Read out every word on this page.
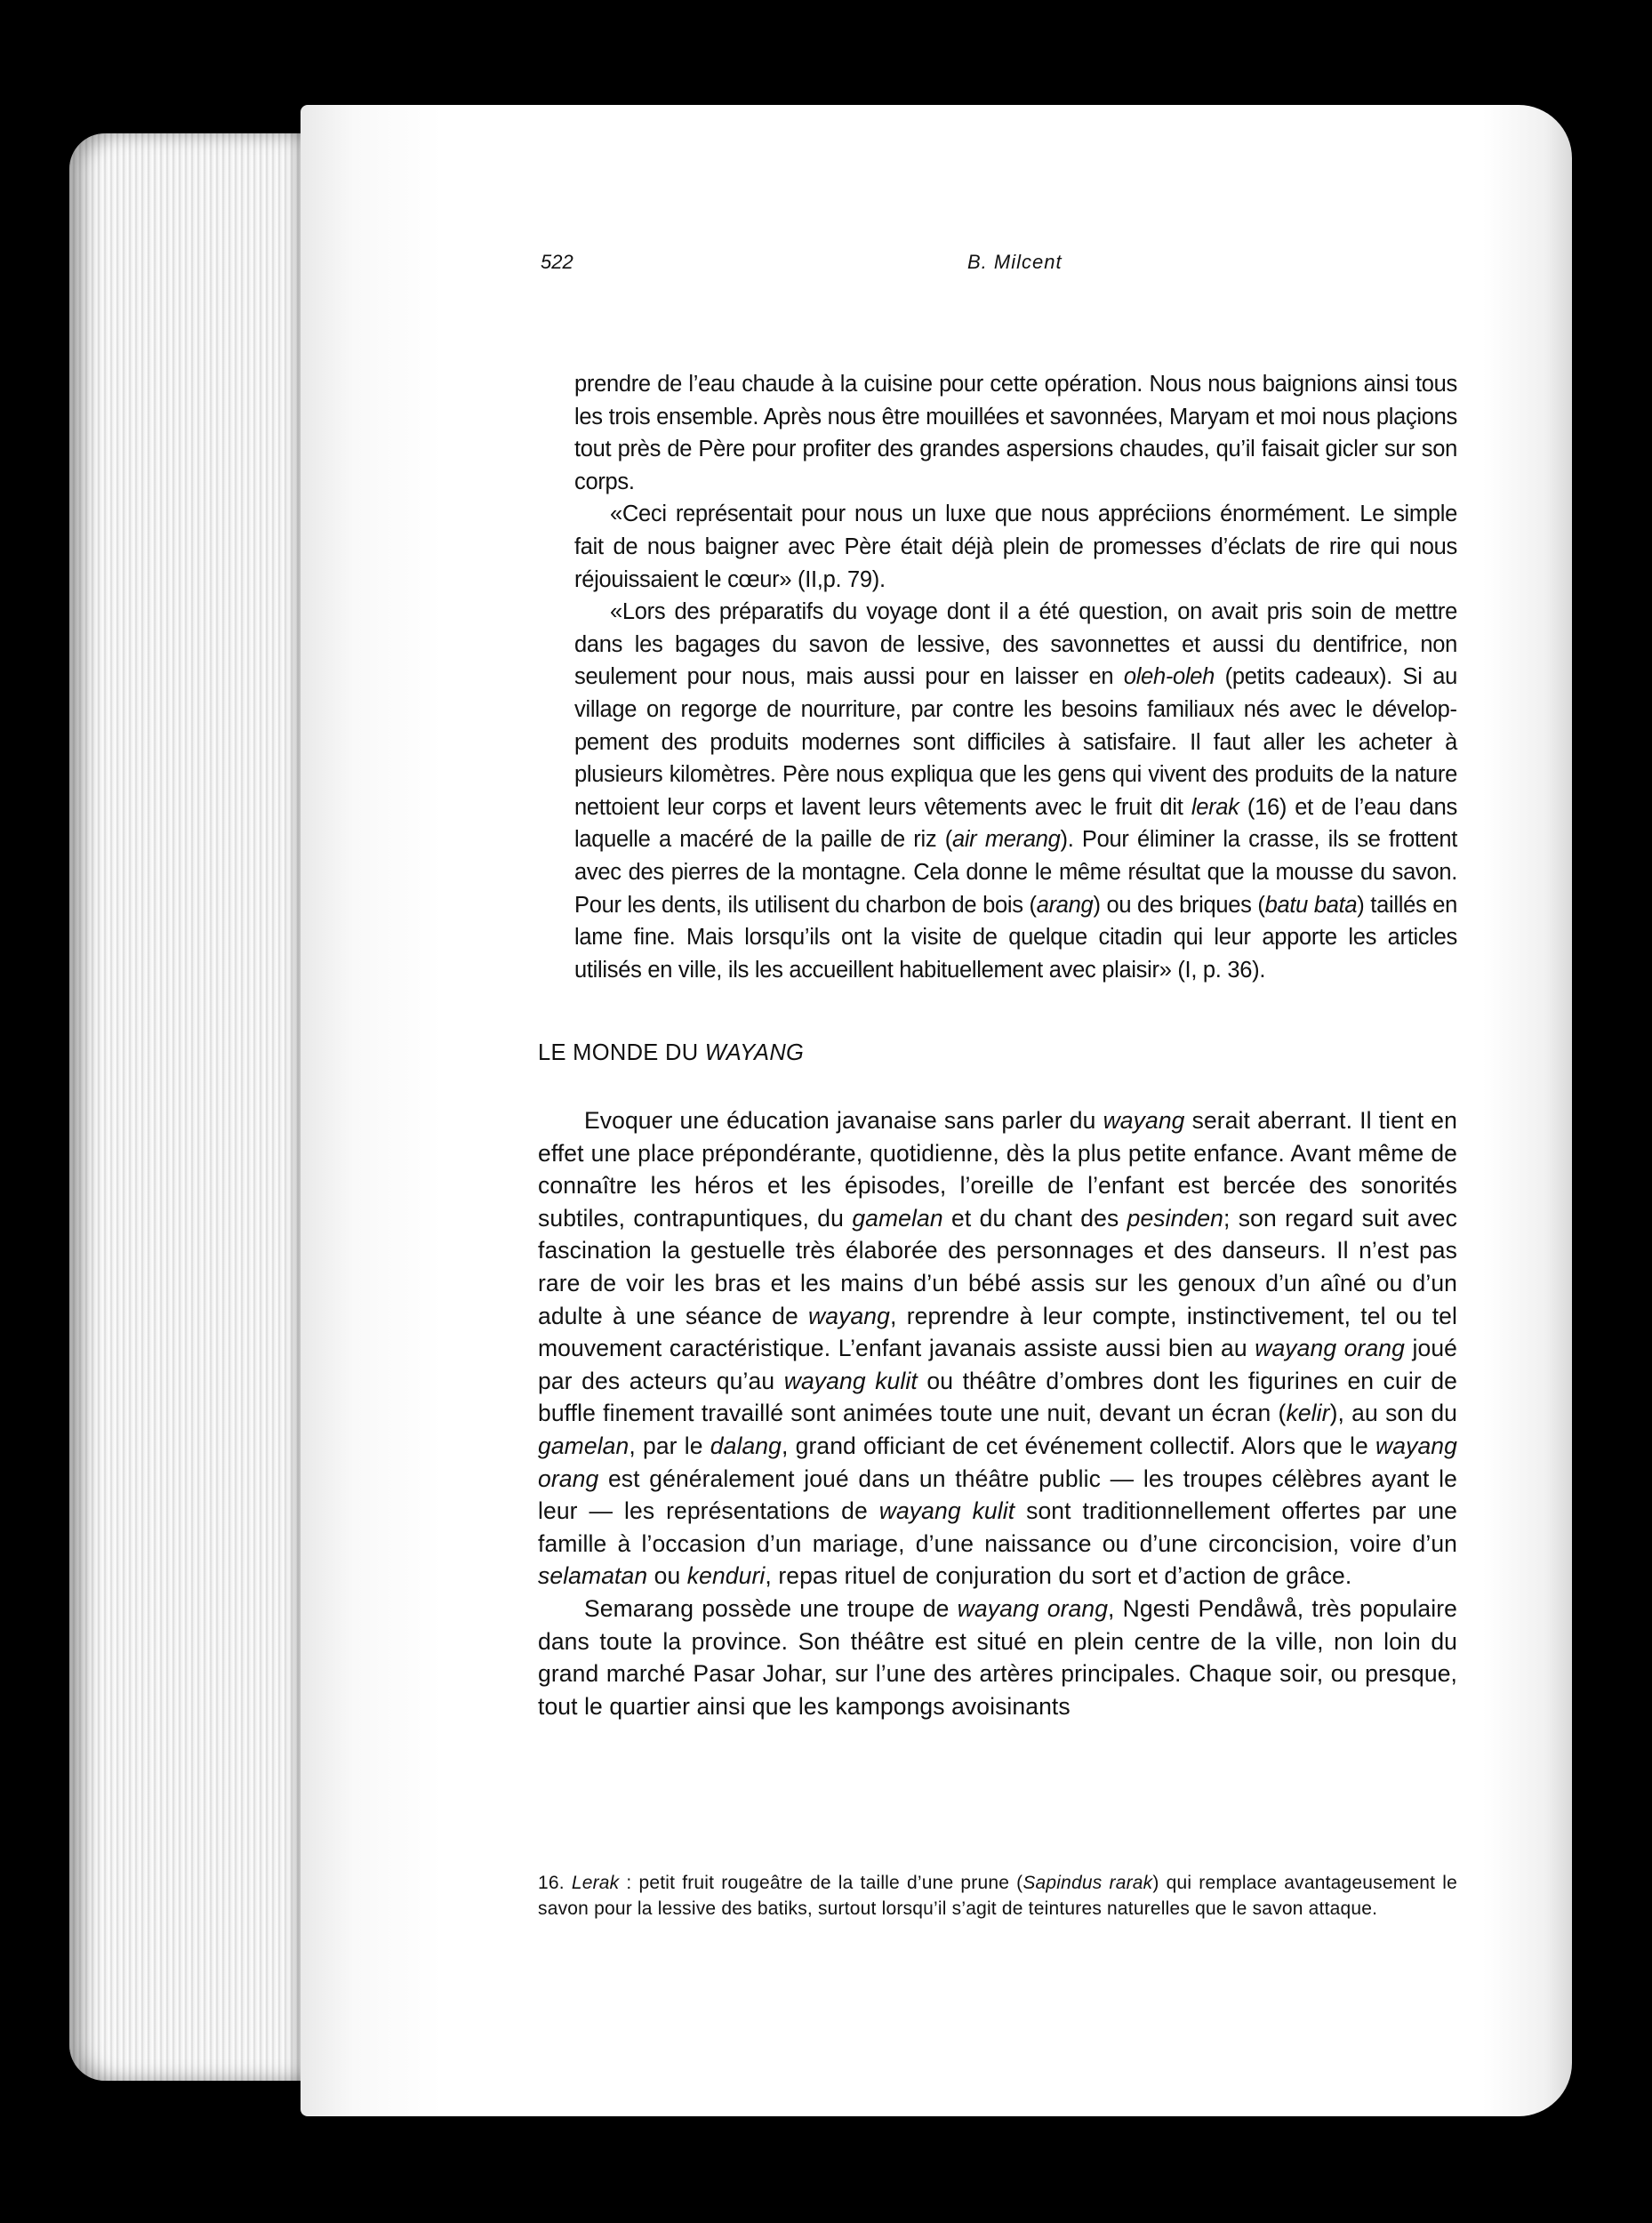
522	B. Milcent

prendre de l’eau chaude à la cuisine pour cette opération. Nous nous baignions ainsi tous les trois ensemble. Après nous être mouillées et savonnées, Maryam et moi nous plaçions tout près de Père pour profiter des grandes aspersions chaudes, qu’il faisait gicler sur son corps.

«Ceci représentait pour nous un luxe que nous appréciions énormément. Le simple fait de nous baigner avec Père était déjà plein de promesses d’éclats de rire qui nous réjouissaient le cœur» (II,p. 79).

«Lors des préparatifs du voyage dont il a été question, on avait pris soin de mettre dans les bagages du savon de lessive, des savonnettes et aussi du dentifrice, non seulement pour nous, mais aussi pour en laisser en oleh-oleh (petits cadeaux). Si au village on regorge de nourriture, par contre les besoins familiaux nés avec le développement des produits modernes sont difficiles à satisfaire. Il faut aller les acheter à plusieurs kilomètres. Père nous expliqua que les gens qui vivent des produits de la nature nettoient leur corps et lavent leurs vêtements avec le fruit dit lerak (16) et de l’eau dans laquelle a macéré de la paille de riz (air merang). Pour éliminer la crasse, ils se frottent avec des pierres de la montagne. Cela donne le même résultat que la mousse du savon. Pour les dents, ils utilisent du charbon de bois (arang) ou des briques (batu bata) taillés en lame fine. Mais lorsqu’ils ont la visite de quelque citadin qui leur apporte les articles utilisés en ville, ils les accueillent habituellement avec plaisir» (I, p. 36).

LE MONDE DU WAYANG

Evoquer une éducation javanaise sans parler du wayang serait aberrant. Il tient en effet une place prépondérante, quotidienne, dès la plus petite enfance. Avant même de connaître les héros et les épisodes, l’oreille de l’enfant est bercée des sonorités subtiles, contrapuntiques, du gamelan et du chant des pesinden; son regard suit avec fascination la gestuelle très élaborée des personnages et des danseurs. Il n’est pas rare de voir les bras et les mains d’un bébé assis sur les genoux d’un aîné ou d’un adulte à une séance de wayang, reprendre à leur compte, instinctivement, tel ou tel mouvement caractéristique. L’enfant javanais assiste aussi bien au wayang orang joué par des acteurs qu’au wayang kulit ou théâtre d’ombres dont les figurines en cuir de buffle finement travaillé sont animées toute une nuit, devant un écran (kelir), au son du gamelan, par le dalang, grand officiant de cet événement collectif. Alors que le wayang orang est généralement joué dans un théâtre public — les troupes célèbres ayant le leur — les représentations de wayang kulit sont traditionnellement offertes par une famille à l’occasion d’un mariage, d’une naissance ou d’une circoncision, voire d’un selamatan ou kenduri, repas rituel de conjuration du sort et d’action de grâce.

Semarang possède une troupe de wayang orang, Ngesti Pendåwå, très populaire dans toute la province. Son théâtre est situé en plein centre de la ville, non loin du grand marché Pasar Johar, sur l’une des artères principales. Chaque soir, ou presque, tout le quartier ainsi que les kampongs avoisinants

16. Lerak : petit fruit rougeâtre de la taille d’une prune (Sapindus rarak) qui remplace avantageusement le savon pour la lessive des batiks, surtout lorsqu’il s’agit de teintures naturelles que le savon attaque.
